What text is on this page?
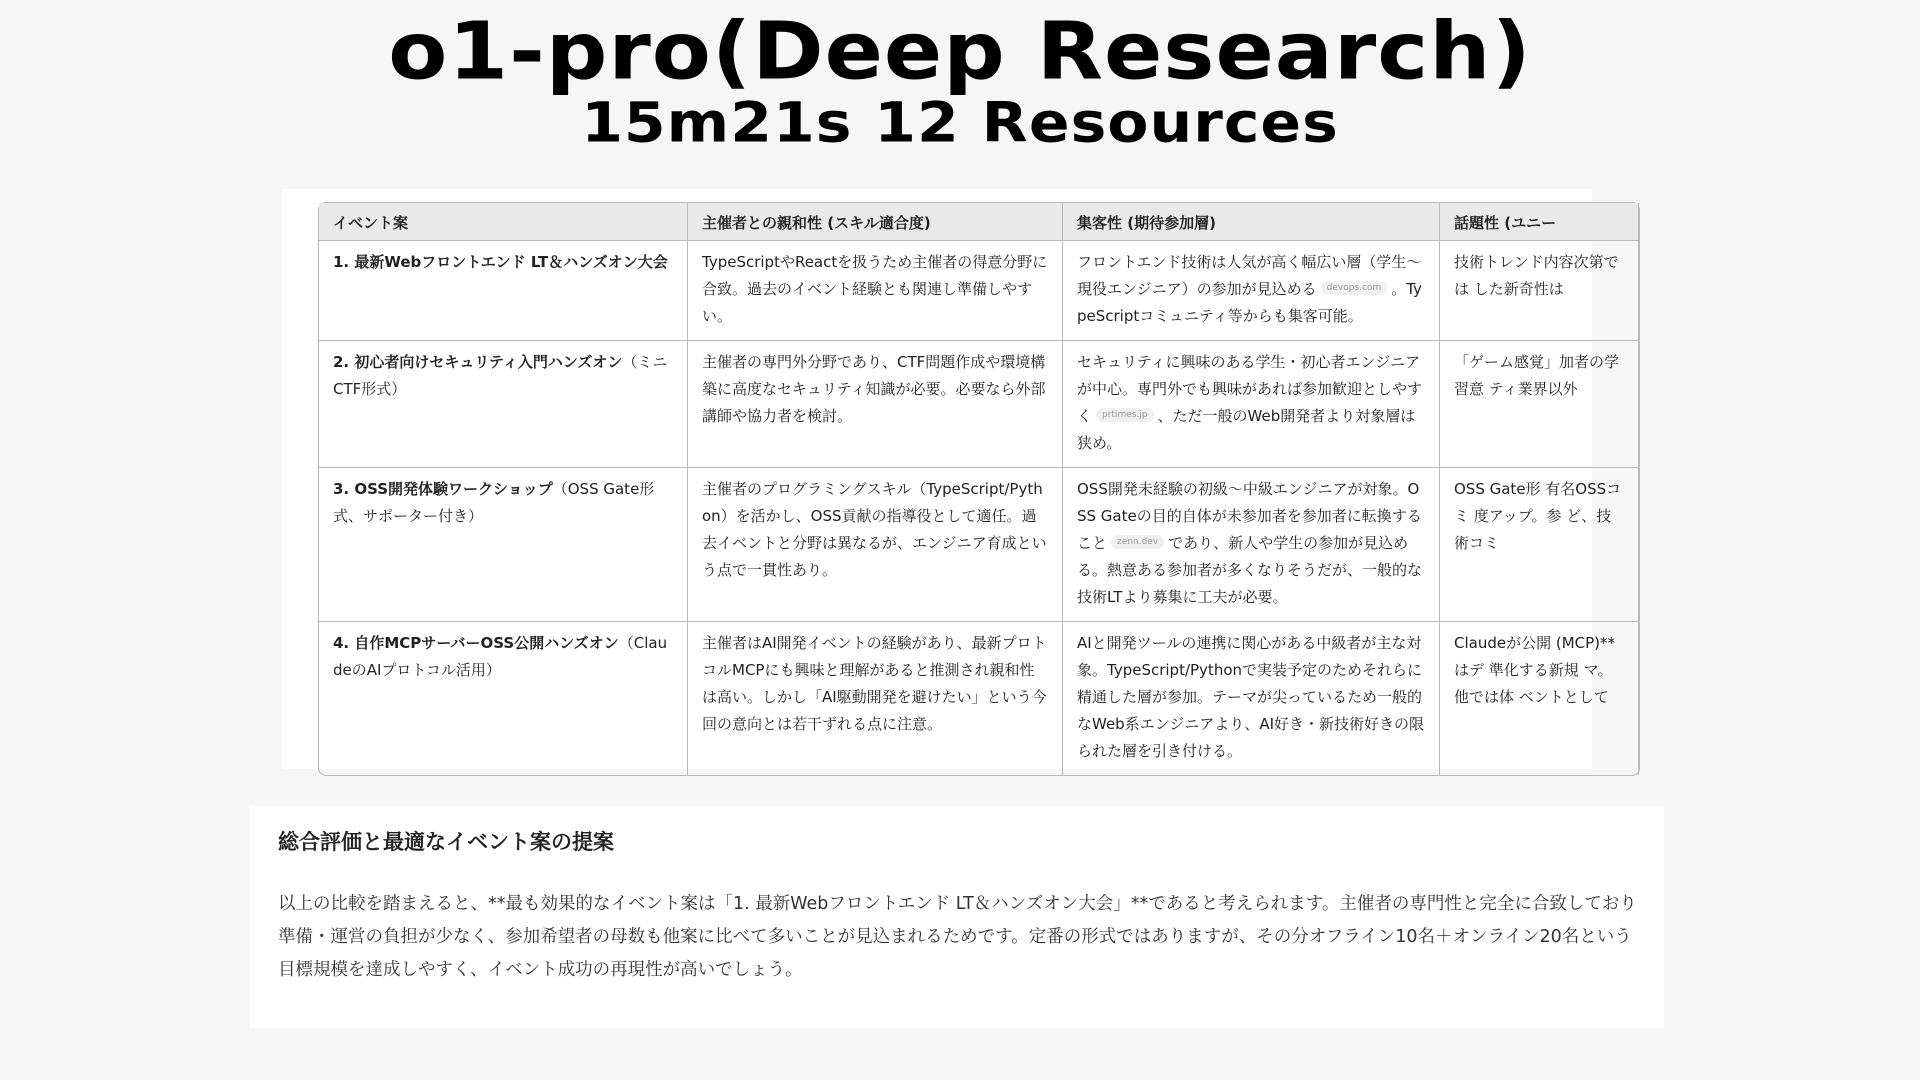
o1-pro(Deep Research)
15m21s 12 Resources
イベント案	主催者との親和性 (スキル適合度)	集客性 (期待参加層)	話題性 (ユニー
1. 最新Webフロントエンド LT＆ハンズオン大会	TypeScriptやReactを扱うため主催者の得意分野に合致。過去のイベント経験とも関連し準備しやすい。	フロントエンド技術は人気が高く幅広い層（学生〜現役エンジニア）の参加が見込める devops.com 。TypeScriptコミュニティ等からも集客可能。	技術トレンド内容次第では した新奇性は
2. 初心者向けセキュリティ入門ハンズオン（ミニCTF形式）	主催者の専門外分野であり、CTF問題作成や環境構築に高度なセキュリティ知識が必要。必要なら外部講師や協力者を検討。	セキュリティに興味のある学生・初心者エンジニアが中心。専門外でも興味があれば参加歓迎としやすく prtimes.jp 、ただ一般のWeb開発者より対象層は狭め。	「ゲーム感覚」加者の学習意 ティ業界以外
3. OSS開発体験ワークショップ（OSS Gate形式、サポーター付き）	主催者のプログラミングスキル（TypeScript/Python）を活かし、OSS貢献の指導役として適任。過去イベントと分野は異なるが、エンジニア育成という点で一貫性あり。	OSS開発未経験の初級〜中級エンジニアが対象。OSS Gateの目的自体が未参加者を参加者に転換すること zenn.dev であり、新人や学生の参加が見込める。熱意ある参加者が多くなりそうだが、一般的な技術LTより募集に工夫が必要。	OSS Gate形 有名OSSコミ 度アップ。参 ど、技術コミ
4. 自作MCPサーバーOSS公開ハンズオン（ClaudeのAIプロトコル活用）	主催者はAI開発イベントの経験があり、最新プロトコルMCPにも興味と理解があると推測され親和性は高い。しかし「AI駆動開発を避けたい」という今回の意向とは若干ずれる点に注意。	AIと開発ツールの連携に関心がある中級者が主な対象。TypeScript/Pythonで実装予定のためそれらに精通した層が参加。テーマが尖っているため一般的なWeb系エンジニアより、AI好き・新技術好きの限られた層を引き付ける。	Claudeが公開 (MCP)**はデ 準化する新規 マ。他では体 ベントとして
総合評価と最適なイベント案の提案
以上の比較を踏まえると、**最も効果的なイベント案は「1. 最新Webフロントエンド LT＆ハンズオン大会」**であると考えられます。主催者の専門性と完全に合致しており準備・運営の負担が少なく、参加希望者の母数も他案に比べて多いことが見込まれるためです。定番の形式ではありますが、その分オフライン10名＋オンライン20名という目標規模を達成しやすく、イベント成功の再現性が高いでしょう。
